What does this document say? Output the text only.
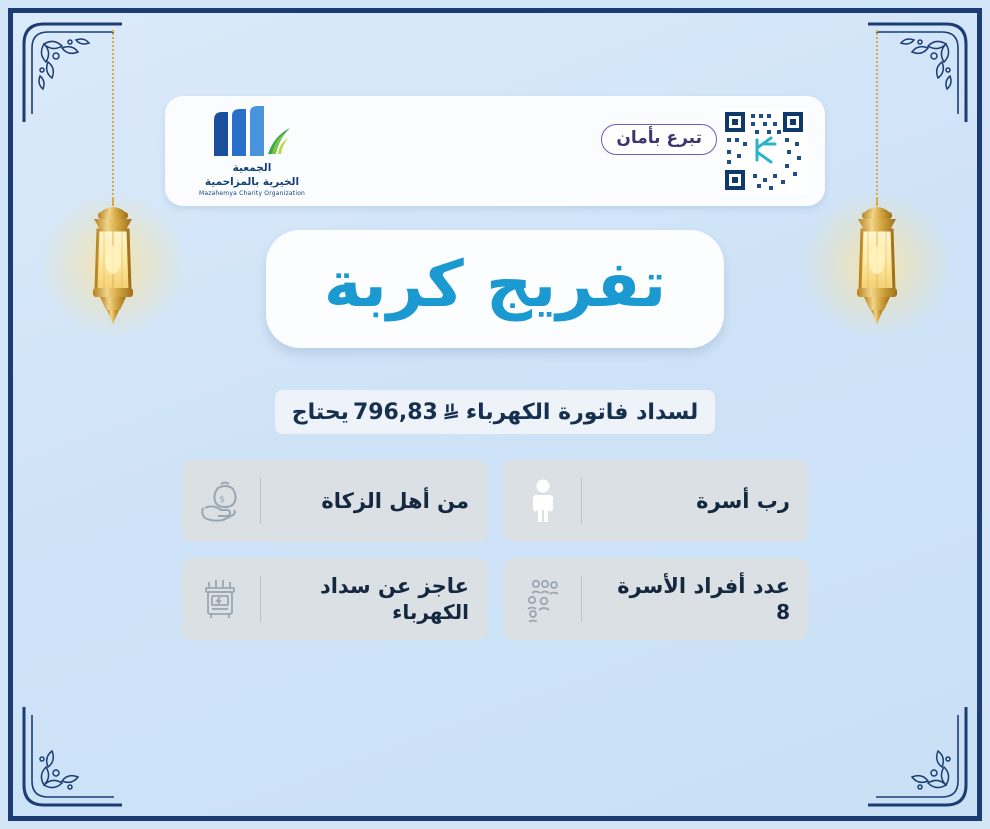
تبرع بأمان
الجمعية
الخيرية بالمزاحمية
Mazahemya Charity Organization
تفريج كربة
لسداد فاتورة الكهرباء
796,83
يحتاج
رب أسرة
من أهل الزكاة
$
عدد أفراد الأسرة
8
عاجز عن سداد
الكهرباء
